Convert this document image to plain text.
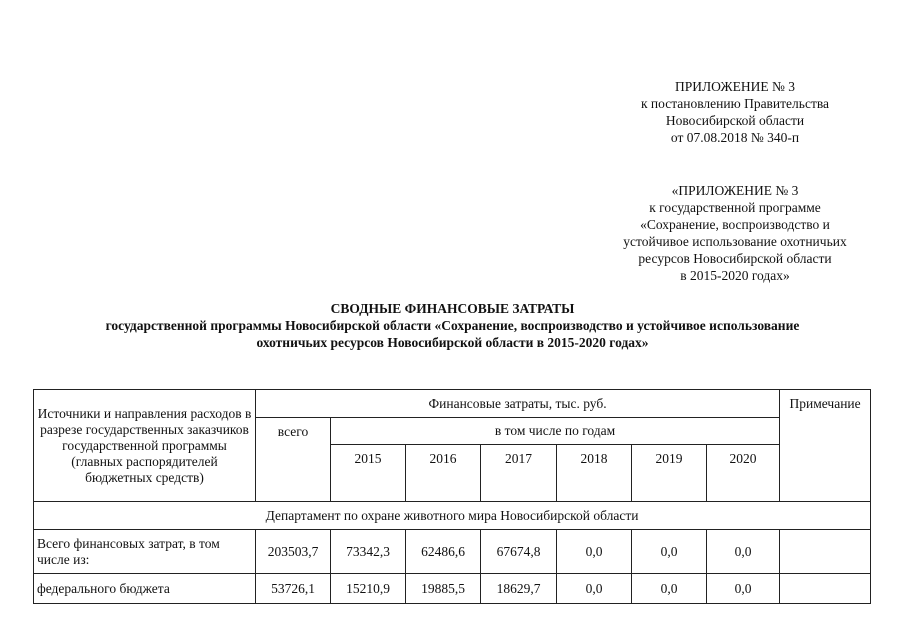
ПРИЛОЖЕНИЕ № 3
к постановлению Правительства
Новосибирской области
от 07.08.2018 № 340-п
«ПРИЛОЖЕНИЕ № 3
к государственной программе
«Сохранение, воспроизводство и
устойчивое использование охотничьих
ресурсов Новосибирской области
в 2015-2020 годах»
СВОДНЫЕ ФИНАНСОВЫЕ ЗАТРАТЫ
государственной программы Новосибирской области «Сохранение, воспроизводство и устойчивое использование
охотничьих ресурсов Новосибирской области в 2015-2020 годах»
Источники и направления расходов в разрезе государственных заказчиков государственной программы (главных распорядителей бюджетных средств)	Финансовые затраты, тыс. руб.							Примечание
	всего	в том числе по годам						
		2015	2016	2017	2018	2019	2020	
Департамент по охране животного мира Новосибирской области								
Всего финансовых затрат, в том числе из:	203503,7	73342,3	62486,6	67674,8	0,0	0,0	0,0	
федерального бюджета	53726,1	15210,9	19885,5	18629,7	0,0	0,0	0,0	
